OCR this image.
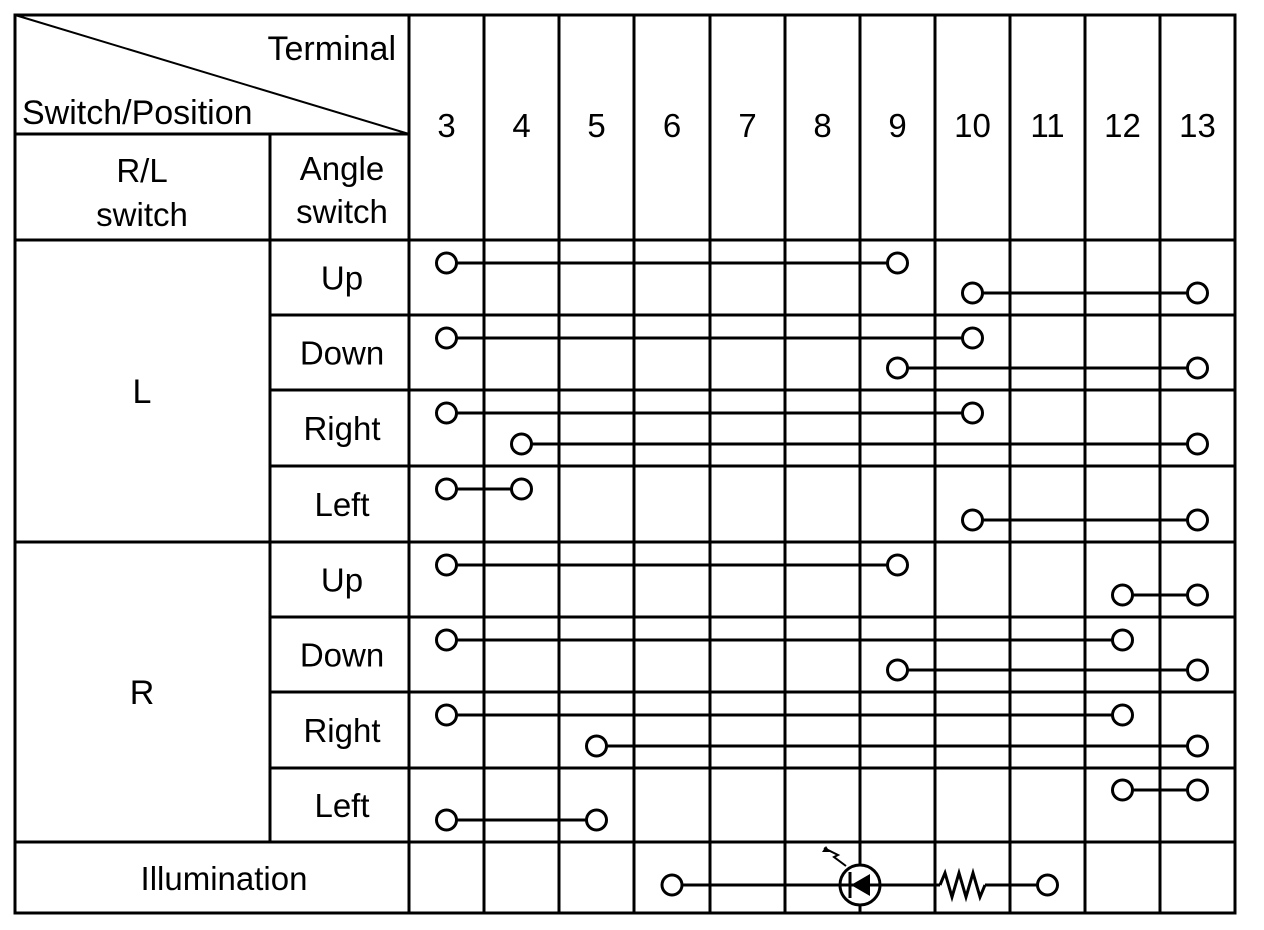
Terminal
Switch/Position
R/L
switch
Angle
switch
3 4 5 6 7 8 9 10 11 12 13
L
R
Up
Down
Right
Left
Up
Down
Right
Left
Illumination
